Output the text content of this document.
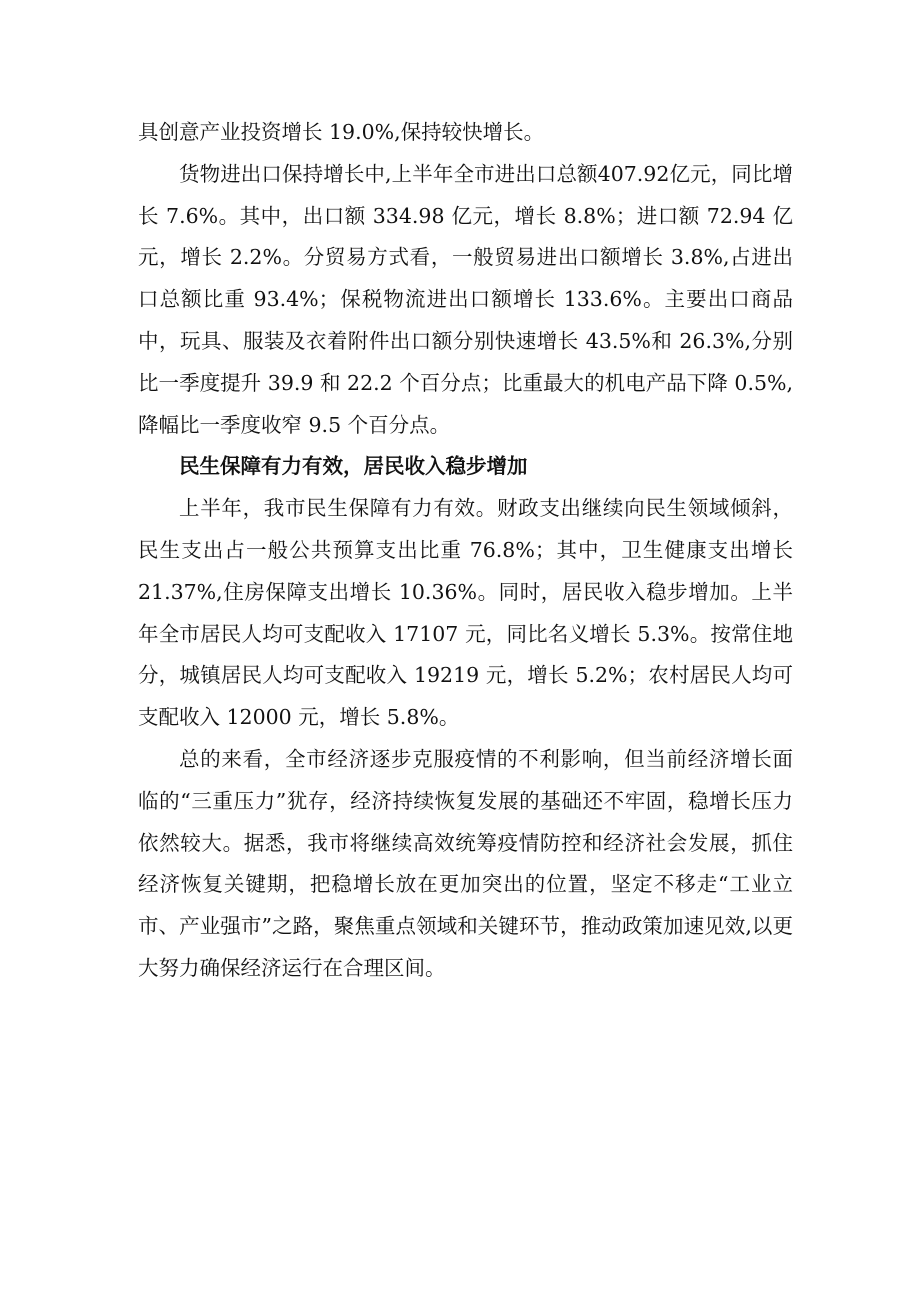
具创意产业投资增长 19.0%,保持较快增长。

货物进出口保持增长中,上半年全市进出口总额407.92亿元，同比增长 7.6%。其中，出口额 334.98 亿元，增长 8.8%；进口额 72.94 亿元，增长 2.2%。分贸易方式看，一般贸易进出口额增长 3.8%,占进出口总额比重 93.4%；保税物流进出口额增长 133.6%。主要出口商品中，玩具、服装及衣着附件出口额分别快速增长 43.5%和 26.3%,分别比一季度提升 39.9 和 22.2 个百分点；比重最大的机电产品下降 0.5%,降幅比一季度收窄 9.5 个百分点。

民生保障有力有效，居民收入稳步增加

上半年，我市民生保障有力有效。财政支出继续向民生领域倾斜，民生支出占一般公共预算支出比重 76.8%；其中，卫生健康支出增长 21.37%,住房保障支出增长 10.36%。同时，居民收入稳步增加。上半年全市居民人均可支配收入 17107 元，同比名义增长 5.3%。按常住地分，城镇居民人均可支配收入 19219 元，增长 5.2%；农村居民人均可支配收入 12000 元，增长 5.8%。

总的来看，全市经济逐步克服疫情的不利影响，但当前经济增长面临的“三重压力”犹存，经济持续恢复发展的基础还不牢固，稳增长压力依然较大。据悉，我市将继续高效统筹疫情防控和经济社会发展，抓住经济恢复关键期，把稳增长放在更加突出的位置，坚定不移走“工业立市、产业强市”之路，聚焦重点领域和关键环节，推动政策加速见效,以更大努力确保经济运行在合理区间。
